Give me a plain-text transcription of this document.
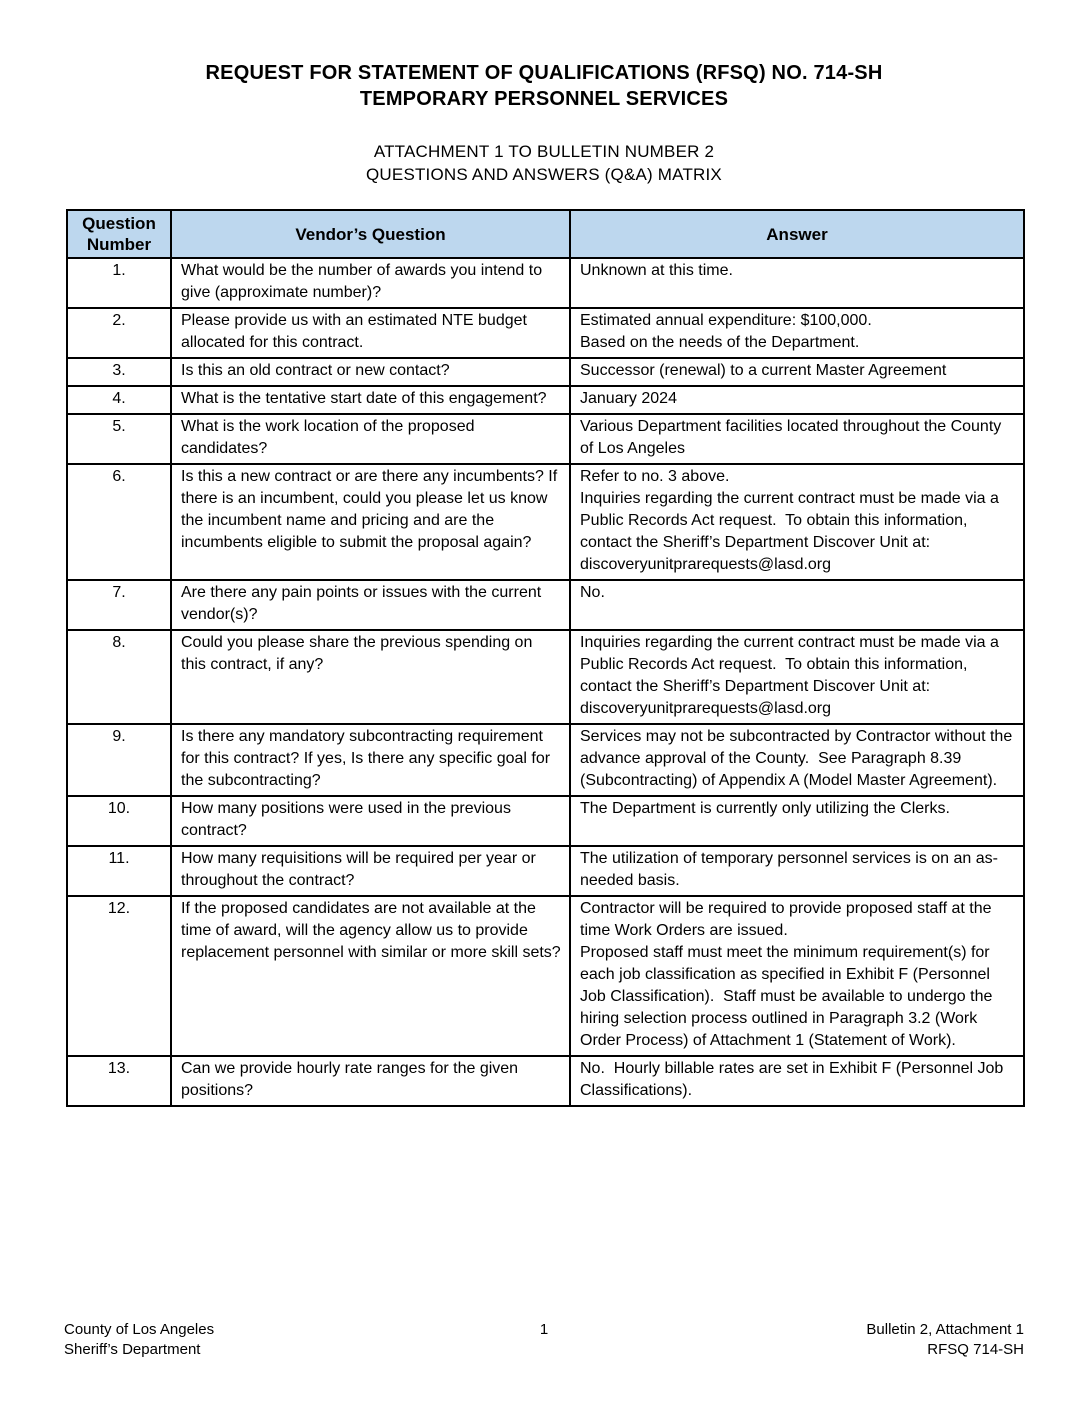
REQUEST FOR STATEMENT OF QUALIFICATIONS (RFSQ) NO. 714-SH
TEMPORARY PERSONNEL SERVICES
ATTACHMENT 1 TO BULLETIN NUMBER 2
QUESTIONS AND ANSWERS (Q&A) MATRIX
Question Number	Vendor’s Question	Answer

1.	What would be the number of awards you intend to give (approximate number)?	Unknown at this time.

2.	Please provide us with an estimated NTE budget allocated for this contract.	Estimated annual expenditure: $100,000.
Based on the needs of the Department.

3.	Is this an old contract or new contact?	Successor (renewal) to a current Master Agreement

4.	What is the tentative start date of this engagement?	January 2024

5.	What is the work location of the proposed candidates?	Various Department facilities located throughout the County of Los Angeles

6.	Is this a new contract or are there any incumbents? If there is an incumbent, could you please let us know the incumbent name and pricing and are the incumbents eligible to submit the proposal again?	Refer to no. 3 above.
Inquiries regarding the current contract must be made via a Public Records Act request.  To obtain this information, contact the Sheriff’s Department Discover Unit at:
discoveryunitprarequests@lasd.org

7.	Are there any pain points or issues with the current vendor(s)?	No.

8.	Could you please share the previous spending on this contract, if any?	Inquiries regarding the current contract must be made via a Public Records Act request.  To obtain this information, contact the Sheriff’s Department Discover Unit at:
discoveryunitprarequests@lasd.org

9.	Is there any mandatory subcontracting requirement for this contract? If yes, Is there any specific goal for the subcontracting?	Services may not be subcontracted by Contractor without the advance approval of the County.  See Paragraph 8.39 (Subcontracting) of Appendix A (Model Master Agreement).

10.	How many positions were used in the previous contract?	The Department is currently only utilizing the Clerks.

11.	How many requisitions will be required per year or throughout the contract?	The utilization of temporary personnel services is on an as-needed basis.

12.	If the proposed candidates are not available at the time of award, will the agency allow us to provide replacement personnel with similar or more skill sets?	Contractor will be required to provide proposed staff at the time Work Orders are issued.
Proposed staff must meet the minimum requirement(s) for each job classification as specified in Exhibit F (Personnel Job Classification).  Staff must be available to undergo the hiring selection process outlined in Paragraph 3.2 (Work Order Process) of Attachment 1 (Statement of Work).

13.	Can we provide hourly rate ranges for the given positions?	No.  Hourly billable rates are set in Exhibit F (Personnel Job Classifications).
County of Los Angeles
Sheriff’s Department
1	Bulletin 2, Attachment 1
RFSQ 714-SH
